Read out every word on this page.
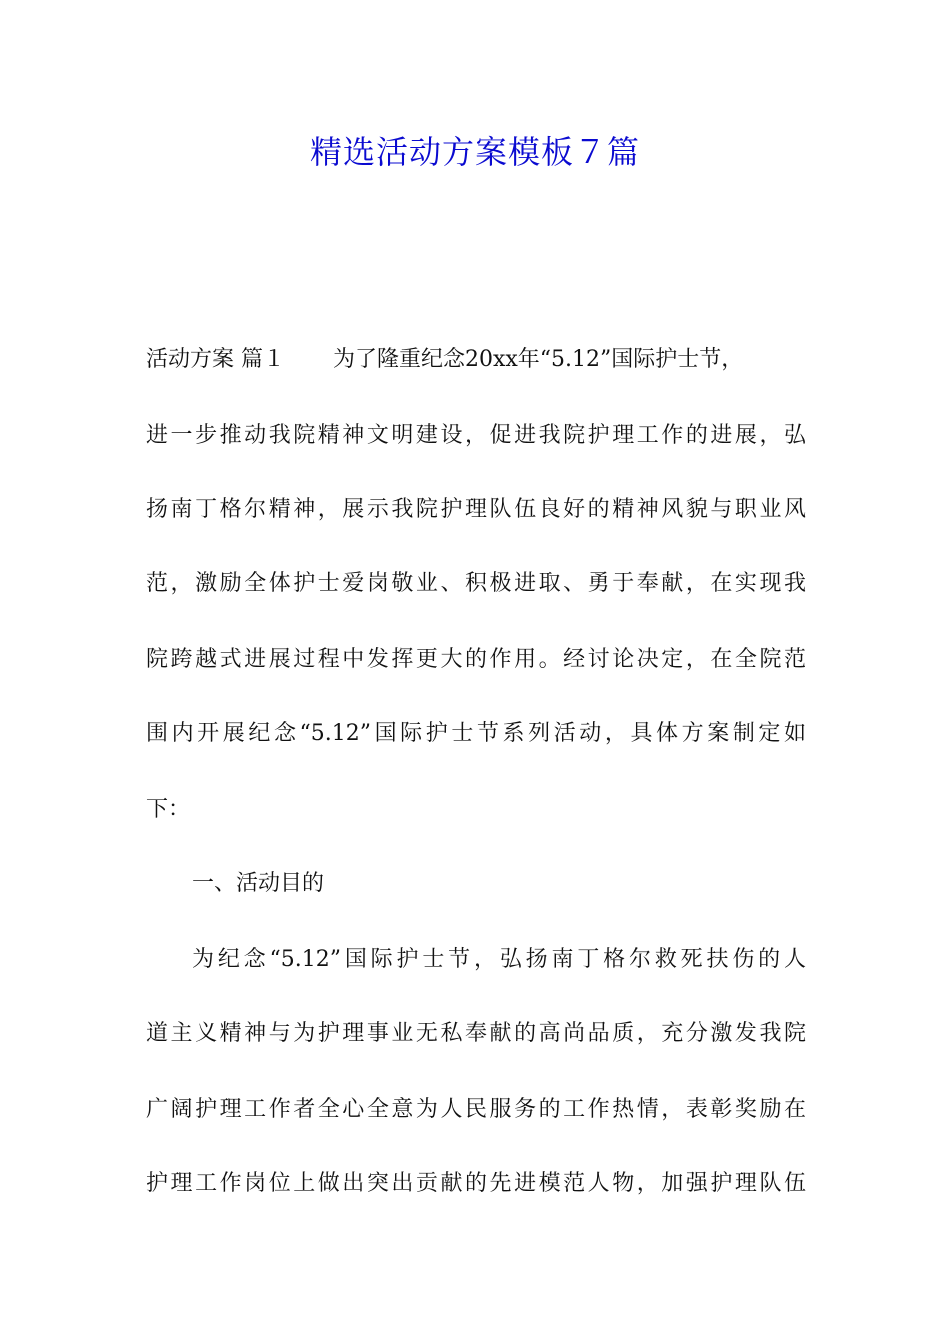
精选活动方案模板７篇
活动方案 篇１ 为了隆重纪念20xx年“5.12”国际护士节，
进一步推动我院精神文明建设，促进我院护理工作的进展，弘
扬南丁格尔精神，展示我院护理队伍良好的精神风貌与职业风
范，激励全体护士爱岗敬业、积极进取、勇于奉献，在实现我
院跨越式进展过程中发挥更大的作用。经讨论决定，在全院范
围内开展纪念“5.12”国际护士节系列活动，具体方案制定如
下：
一、活动目的
为纪念“5.12”国际护士节，弘扬南丁格尔救死扶伤的人
道主义精神与为护理事业无私奉献的高尚品质，充分激发我院
广阔护理工作者全心全意为人民服务的工作热情，表彰奖励在
护理工作岗位上做出突出贡献的先进模范人物，加强护理队伍
